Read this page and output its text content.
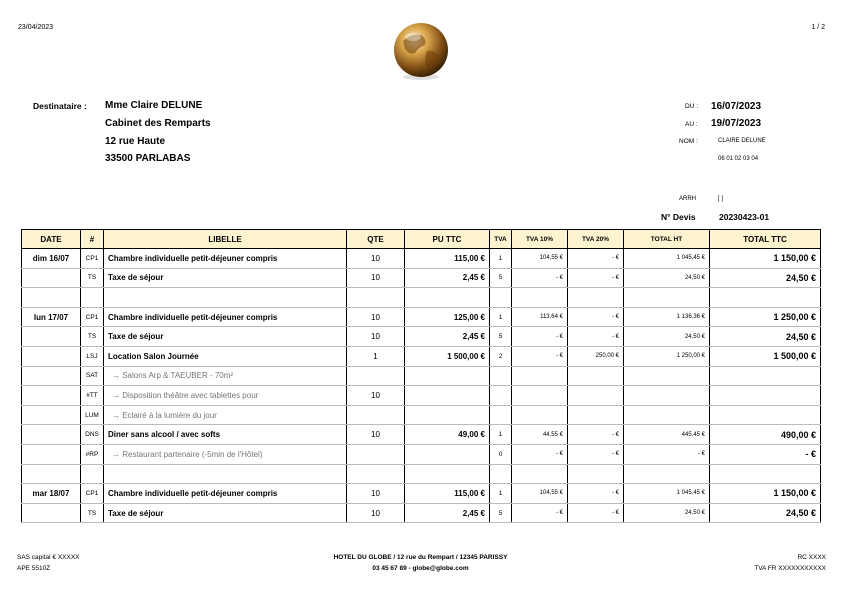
23/04/2023	1 / 2
Destinataire : Mme Claire DELUNE
Cabinet des Remparts
12 rue Haute
33500 PARLABAS
DU : 16/07/2023
AU : 19/07/2023
NOM :	CLAIRE DELUNE
06 01 02 03 04
ARRH	[ ]
N° Devis	20230423-01
DATE	#	LIBELLE	QTE	PU TTC	TVA	TVA 10%	TVA 20%	TOTAL HT	TOTAL TTC
dim 16/07	CP1	Chambre individuelle petit-déjeuner compris	10	115,00 €	1	104,55 €	- €	1 045,45 €	1 150,00 €
	TS	Taxe de séjour	10	2,45 €	5	- €	- €	24,50 €	24,50 €

lun 17/07	CP1	Chambre individuelle petit-déjeuner compris	10	125,00 €	1	113,64 €	- €	1 136,36 €	1 250,00 €
	TS	Taxe de séjour	10	2,45 €	5	- €	- €	24,50 €	24,50 €
	LSJ	Location Salon Journée	1	1 500,00 €	2	- €	250,00 €	1 250,00 €	1 500,00 €
	SAT	→ Salons Arp & TAEUBER - 70m²							
	#TT	→ Disposition théâtre avec tablettes pour	10						
	LUM	→ Eclairé à la lumière du jour							
	DNS	Diner sans alcool / avec softs	10	49,00 €	1	44,55 €	- €	445,45 €	490,00 €
	#RP	→ Restaurant partenaire (-5min de l'Hôtel)			0	- €	- €	- €	- €

mar 18/07	CP1	Chambre individuelle petit-déjeuner compris	10	115,00 €	1	104,55 €	- €	1 045,45 €	1 150,00 €
	TS	Taxe de séjour	10	2,45 €	5	- €	- €	24,50 €	24,50 €
SAS capital € XXXXX
APE 5510Z
HOTEL DU GLOBE / 12 rue du Rempart / 12345 PARISSY
03 45 67 89 - globe@globe.com
RC XXXX
TVA FR XXXXXXXXXXX
